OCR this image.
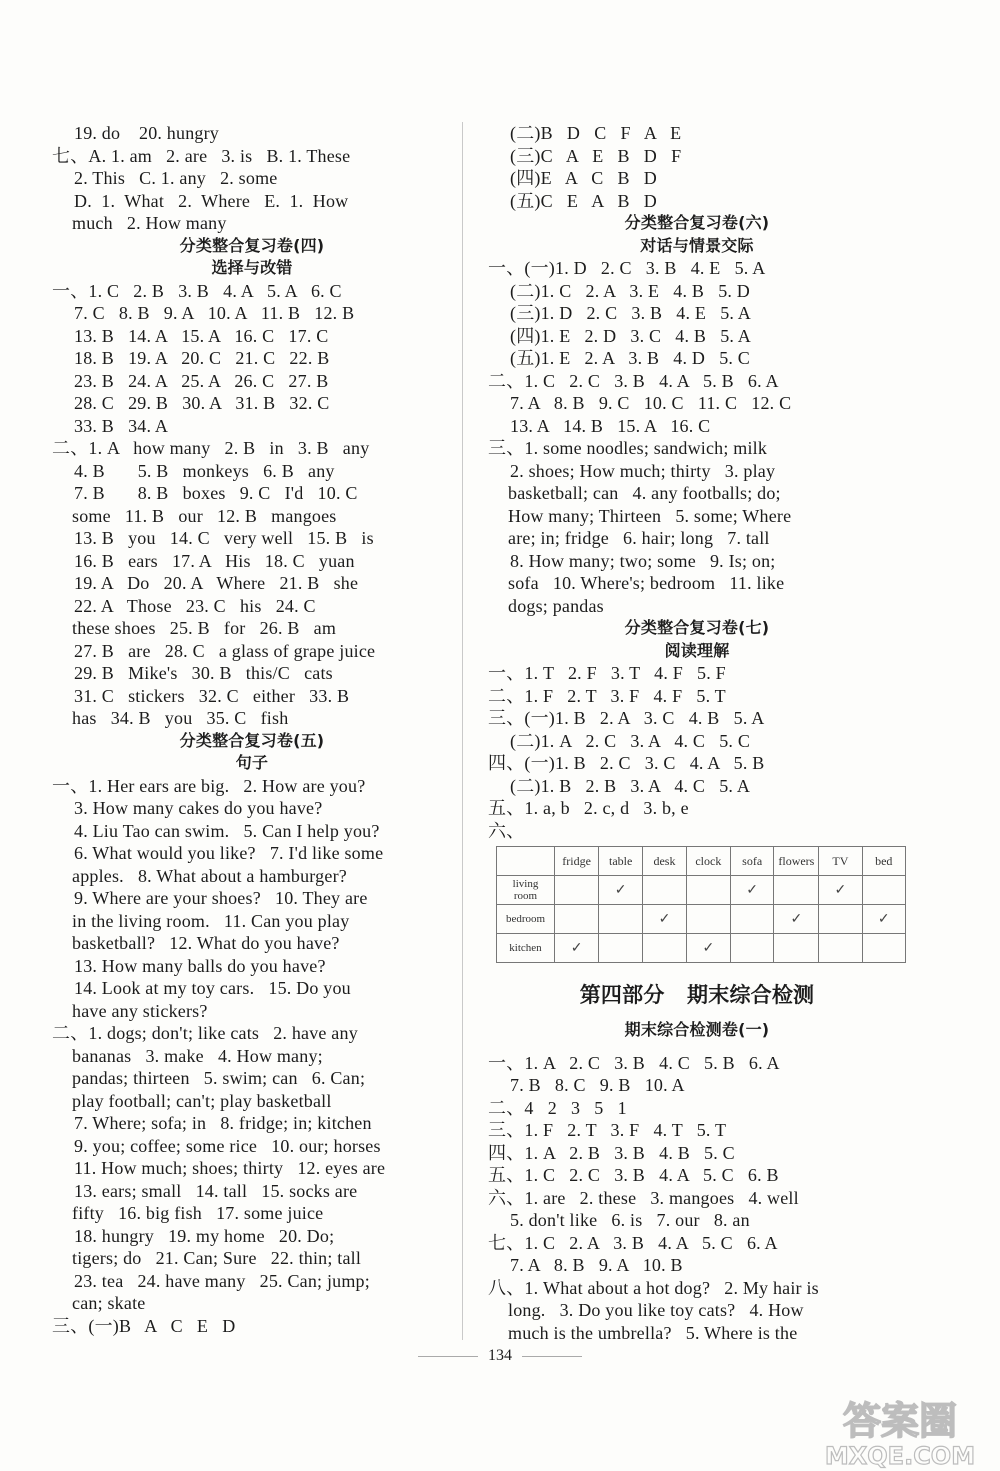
19. do    20. hungry
七、A. 1. am   2. are   3. is   B. 1. These
2. This   C. 1. any   2. some
D.  1.  What   2.  Where   E.  1.  How
much   2. How many
分类整合复习卷(四)
选择与改错
一、1. C   2. B   3. B   4. A   5. A   6. C
7. C   8. B   9. A   10. A   11. B   12. B
13. B   14. A   15. A   16. C   17. C
18. B   19. A   20. C   21. C   22. B
23. B   24. A   25. A   26. C   27. B
28. C   29. B   30. A   31. B   32. C
33. B   34. A
二、1. A   how many   2. B   in   3. B   any
4. B       5. B   monkeys   6. B   any
7. B       8. B   boxes   9. C   I'd   10. C
some   11. B   our   12. B   mangoes
13. B   you   14. C   very well   15. B   is
16. B   ears   17. A   His   18. C   yuan
19. A   Do   20. A   Where   21. B   she
22. A   Those   23. C   his   24. C
these shoes   25. B   for   26. B   am
27. B   are   28. C   a glass of grape juice
29. B   Mike's   30. B   this/C   cats
31. C   stickers   32. C   either   33. B
has   34. B   you   35. C   fish
分类整合复习卷(五)
句子
一、1. Her ears are big.   2. How are you?
3. How many cakes do you have?
4. Liu Tao can swim.   5. Can I help you?
6. What would you like?   7. I'd like some
apples.   8. What about a hamburger?
9. Where are your shoes?   10. They are
in the living room.   11. Can you play
basketball?   12. What do you have?
13. How many balls do you have?
14. Look at my toy cars.   15. Do you
have any stickers?
二、1. dogs; don't; like cats   2. have any
bananas   3. make   4. How many;
pandas; thirteen   5. swim; can   6. Can;
play football; can't; play basketball
7. Where; sofa; in   8. fridge; in; kitchen
9. you; coffee; some rice   10. our; horses
11. How much; shoes; thirty   12. eyes are
13. ears; small   14. tall   15. socks are
fifty   16. big fish   17. some juice
18. hungry   19. my home   20. Do;
tigers; do   21. Can; Sure   22. thin; tall
23. tea   24. have many   25. Can; jump;
can; skate
三、(一)B   A   C   E   D
(二)B   D   C   F   A   E
(三)C   A   E   B   D   F
(四)E   A   C   B   D
(五)C   E   A   B   D
分类整合复习卷(六)
对话与情景交际
一、(一)1. D   2. C   3. B   4. E   5. A
(二)1. C   2. A   3. E   4. B   5. D
(三)1. D   2. C   3. B   4. E   5. A
(四)1. E   2. D   3. C   4. B   5. A
(五)1. E   2. A   3. B   4. D   5. C
二、1. C   2. C   3. B   4. A   5. B   6. A
7. A   8. B   9. C   10. C   11. C   12. C
13. A   14. B   15. A   16. C
三、1. some noodles; sandwich; milk
2. shoes; How much; thirty   3. play
basketball; can   4. any footballs; do;
How many; Thirteen   5. some; Where
are; in; fridge   6. hair; long   7. tall
8. How many; two; some   9. Is; on;
sofa   10. Where's; bedroom   11. like
dogs; pandas
分类整合复习卷(七)
阅读理解
一、1. T   2. F   3. T   4. F   5. F
二、1. F   2. T   3. F   4. F   5. T
三、(一)1. B   2. A   3. C   4. B   5. A
(二)1. A   2. C   3. A   4. C   5. C
四、(一)1. B   2. C   3. C   4. A   5. B
(二)1. B   2. B   3. A   4. C   5. A
五、1. a, b   2. c, d   3. b, e
六、
	fridge	table	desk	clock	sofa	flowers	TV	bed
living room		✓			✓		✓	
bedroom			✓			✓		✓
kitchen	✓			✓				
第四部分   期末综合检测
期末综合检测卷(一)
一、1. A   2. C   3. B   4. C   5. B   6. A
7. B   8. C   9. B   10. A
二、4   2   3   5   1
三、1. F   2. T   3. F   4. T   5. T
四、1. A   2. B   3. B   4. B   5. C
五、1. C   2. C   3. B   4. A   5. C   6. B
六、1. are   2. these   3. mangoes   4. well
5. don't like   6. is   7. our   8. an
七、1. C   2. A   3. B   4. A   5. C   6. A
7. A   8. B   9. A   10. B
八、1. What about a hot dog?   2. My hair is
long.   3. Do you like toy cats?   4. How
much is the umbrella?   5. Where is the
134
答案圈
MXQE.COM
